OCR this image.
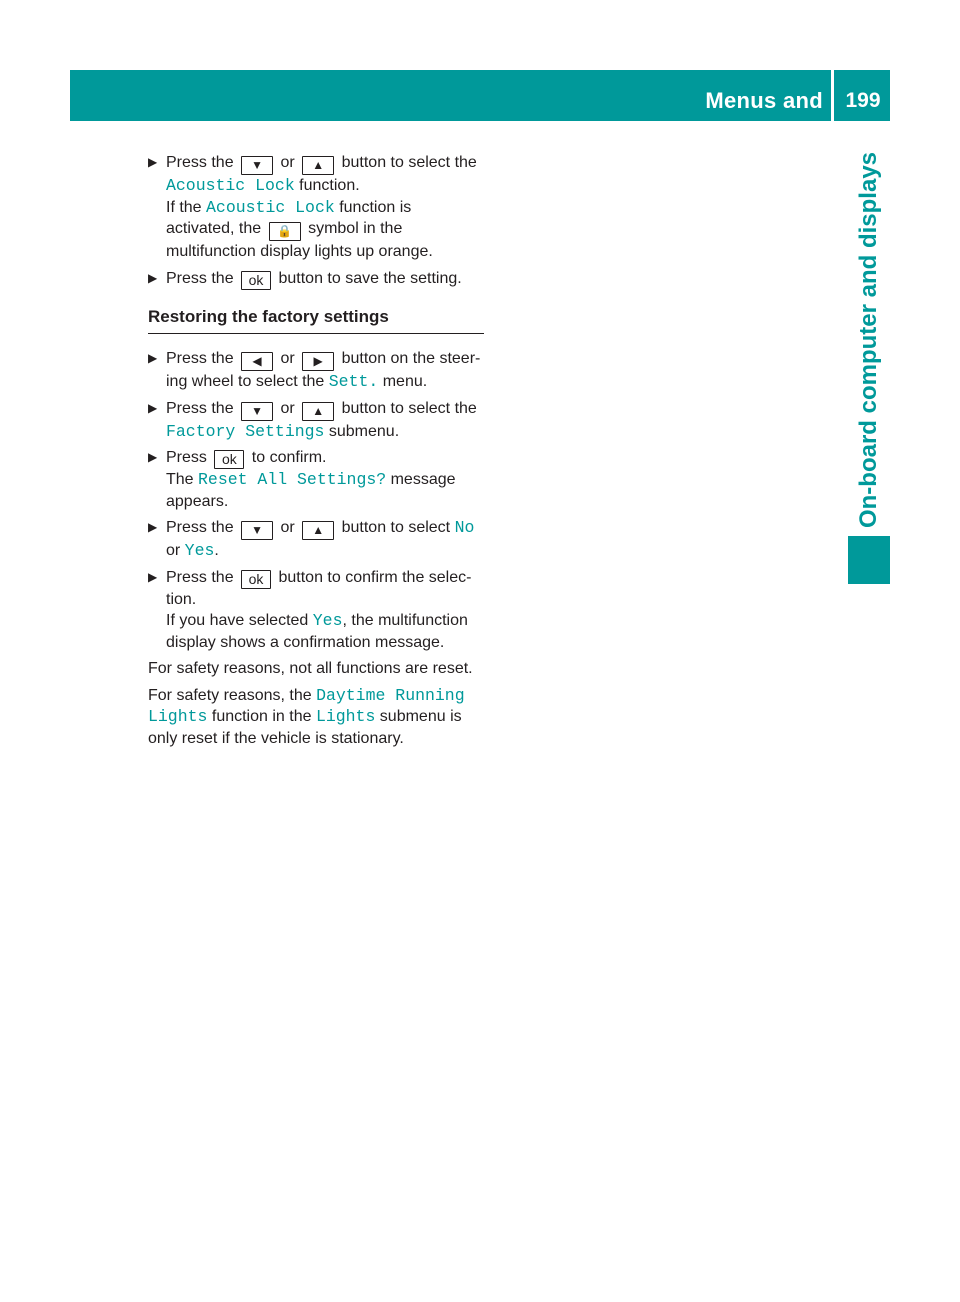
Menus and submenus
199
On-board computer and displays
▶ Press the ▼ or ▲ button to select the Acoustic Lock function.
If the Acoustic Lock function is activated, the 🔒 symbol in the multifunction display lights up orange.
▶ Press the ok button to save the setting.
Restoring the factory settings
▶ Press the ◀ or ▶ button on the steering wheel to select the Sett. menu.
▶ Press the ▼ or ▲ button to select the Factory Settings submenu.
▶ Press ok to confirm.
The Reset All Settings? message appears.
▶ Press the ▼ or ▲ button to select No or Yes.
▶ Press the ok button to confirm the selection.
If you have selected Yes, the multifunction display shows a confirmation message.
For safety reasons, not all functions are reset.
For safety reasons, the Daytime Running Lights function in the Lights submenu is only reset if the vehicle is stationary.
